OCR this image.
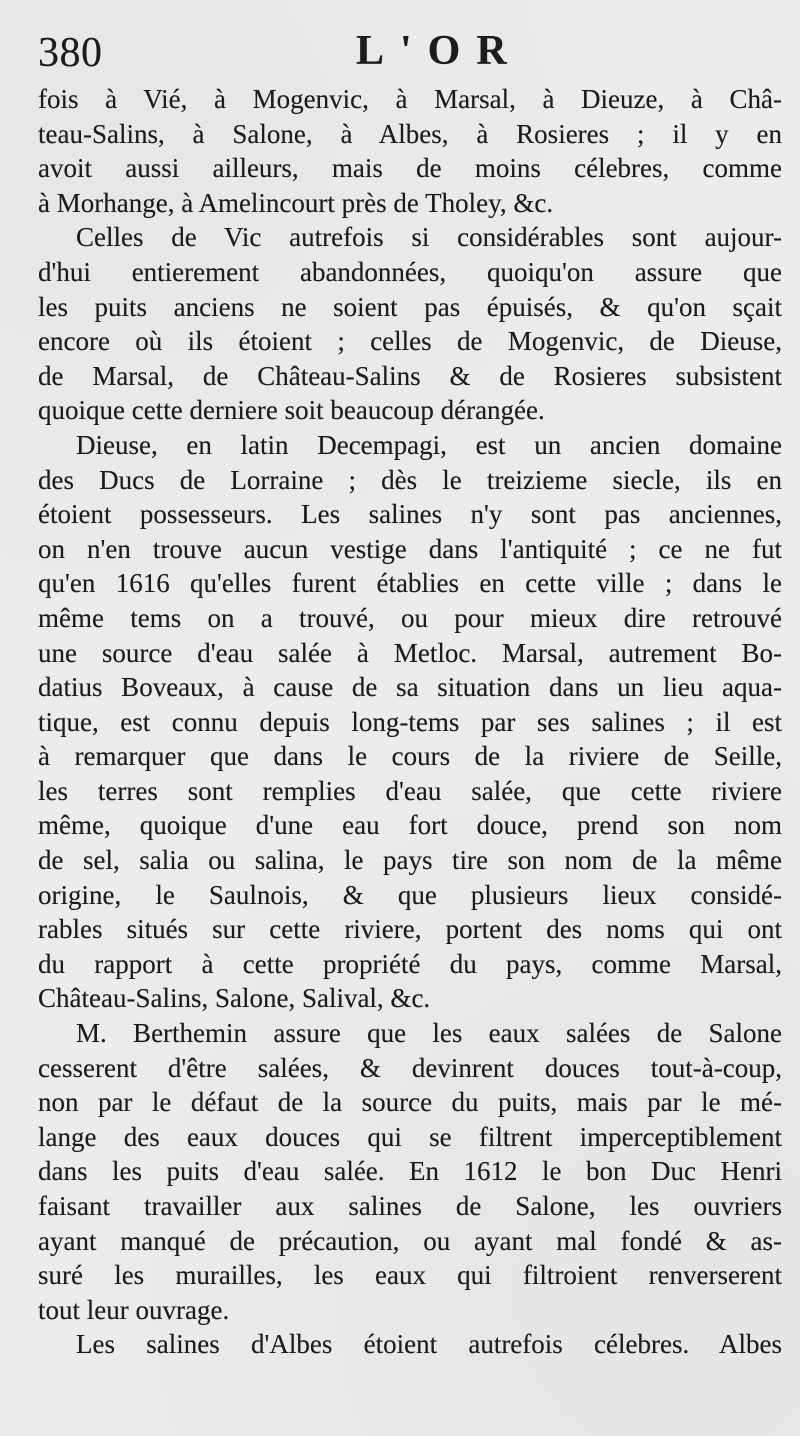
380	L'OR
fois à Vié, à Mogenvic, à Marsal, à Dieuze, à Châ-
teau-Salins, à Salone, à Albes, à Rosieres ; il y en
avoit aussi ailleurs, mais de moins célebres, comme
à Morhange, à Amelincourt près de Tholey, &c.
Celles de Vic autrefois si considérables sont aujour-
d'hui entierement abandonnées, quoiqu'on assure que
les puits anciens ne soient pas épuisés, & qu'on sçait
encore où ils étoient ; celles de Mogenvic, de Dieuse,
de Marsal, de Château-Salins & de Rosieres subsistent
quoique cette derniere soit beaucoup dérangée.
Dieuse, en latin Decempagi, est un ancien domaine
des Ducs de Lorraine ; dès le treizieme siecle, ils en
étoient possesseurs. Les salines n'y sont pas anciennes,
on n'en trouve aucun vestige dans l'antiquité ; ce ne fut
qu'en 1616 qu'elles furent établies en cette ville ; dans le
même tems on a trouvé, ou pour mieux dire retrouvé
une source d'eau salée à Metloc. Marsal, autrement Bo-
datius Boveaux, à cause de sa situation dans un lieu aqua-
tique, est connu depuis long-tems par ses salines ; il est
à remarquer que dans le cours de la riviere de Seille,
les terres sont remplies d'eau salée, que cette riviere
même, quoique d'une eau fort douce, prend son nom
de sel, salia ou salina, le pays tire son nom de la même
origine, le Saulnois, & que plusieurs lieux considé-
rables situés sur cette riviere, portent des noms qui ont
du rapport à cette propriété du pays, comme Marsal,
Château-Salins, Salone, Salival, &c.
M. Berthemin assure que les eaux salées de Salone
cesserent d'être salées, & devinrent douces tout-à-coup,
non par le défaut de la source du puits, mais par le mé-
lange des eaux douces qui se filtrent imperceptiblement
dans les puits d'eau salée. En 1612 le bon Duc Henri
faisant travailler aux salines de Salone, les ouvriers
ayant manqué de précaution, ou ayant mal fondé & as-
suré les murailles, les eaux qui filtroient renverserent
tout leur ouvrage.
Les salines d'Albes étoient autrefois célebres. Albes
